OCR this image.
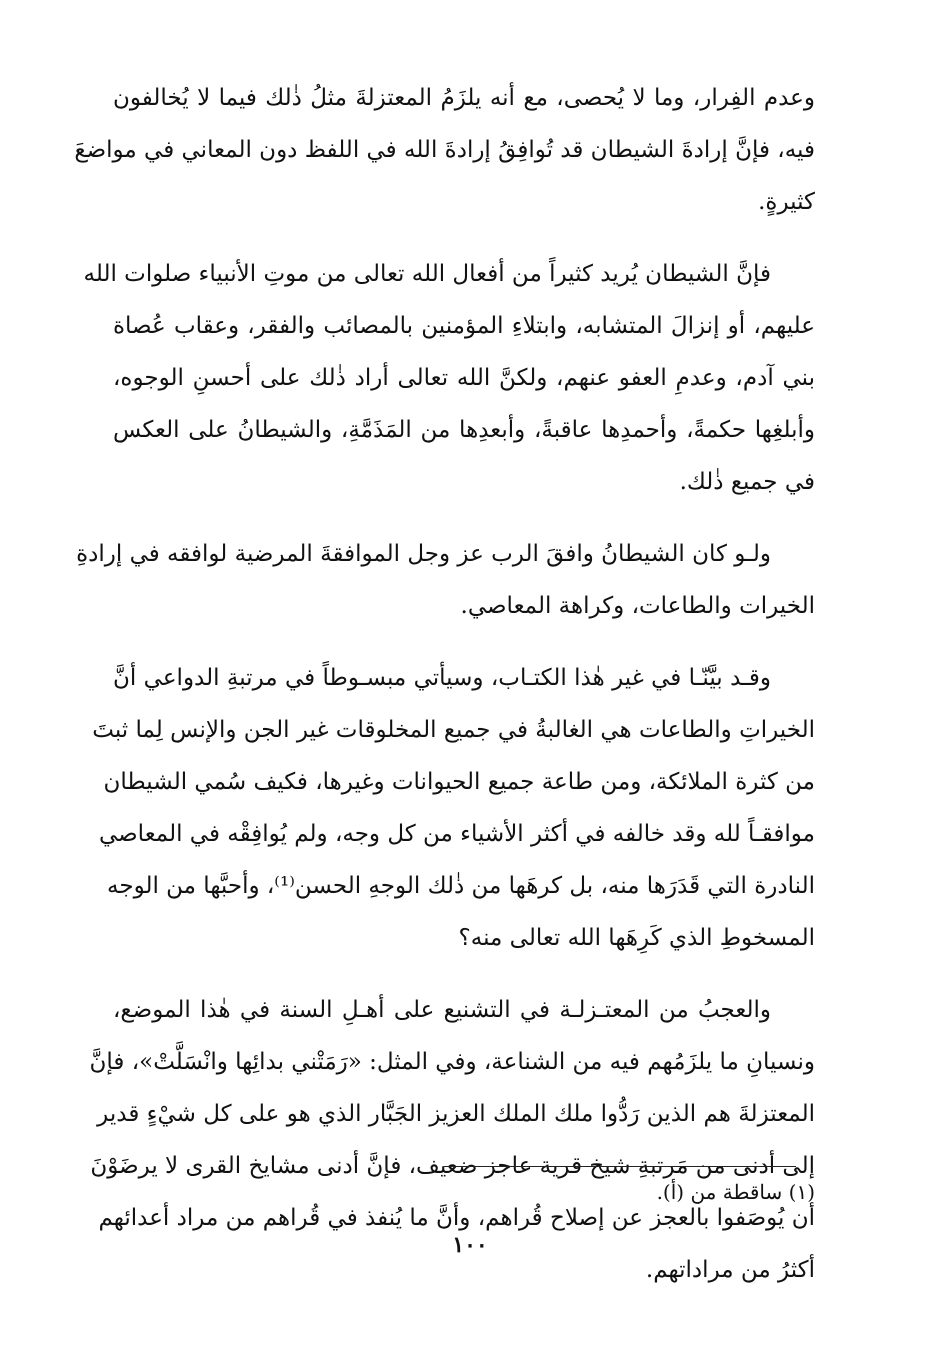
وعدم الفِرار، وما لا يُحصى، مع أنه يلزَمُ المعتزلةَ مثلُ ذٰلك فيما لا يُخالفون
فيه، فإنَّ إرادةَ الشيطان قد تُوافِقُ إرادةَ الله في اللفظ دون المعاني في مواضعَ
كثيرةٍ.
فإنَّ الشيطان يُريد كثيراً من أفعال الله تعالى من موتِ الأنبياء صلوات الله
عليهم، أو إنزالَ المتشابه، وابتلاءِ المؤمنين بالمصائب والفقر، وعقاب عُصاة
بني آدم، وعدمِ العفو عنهم، ولكنَّ الله تعالى أراد ذٰلك على أحسنِ الوجوه،
وأبلغِها حكمةً، وأحمدِها عاقبةً، وأبعدِها من المَذَمَّةِ، والشيطانُ على العكس
في جميع ذٰلك.
ولـو كان الشيطانُ وافقَ الرب عز وجل الموافقةَ المرضية لوافقه في إرادةِ
الخيرات والطاعات، وكراهة المعاصي.
وقـد بيَّنّـا في غير هٰذا الكتـاب، وسيأتي مبسـوطاً في مرتبةِ الدواعي أنَّ
الخيراتِ والطاعات هي الغالبةُ في جميع المخلوقات غير الجن والإنس لِما ثبتَ
من كثرة الملائكة، ومن طاعة جميع الحيوانات وغيرها، فكيف سُمي الشيطان
موافقـاً لله وقد خالفه في أكثر الأشياء من كل وجه، ولم يُوافِقْه في المعاصي
النادرة التي قَدَرَها منه، بل كرهَها من ذٰلك الوجهِ الحسن⁽¹⁾، وأحبَّها من الوجه
المسخوطِ الذي كَرِهَها الله تعالى منه؟
والعجبُ من المعتـزلـة في التشنيع على أهـلِ السنة في هٰذا الموضع،
ونسيانِ ما يلزَمُهم فيه من الشناعة، وفي المثل: «رَمَتْني بدائِها وانْسَلَّتْ»، فإنَّ
المعتزلةَ هم الذين رَدُّوا ملك الملك العزيز الجَبَّار الذي هو على كل شيْءٍ قدير
إلى أدنى من مَرتبةِ شيخ قرية عاجز ضعيف، فإنَّ أدنى مشايخ القرى لا يرضَوْنَ
أن يُوصَفوا بالعجز عن إصلاح قُراهم، وأنَّ ما يُنفذ في قُراهم من مراد أعدائهم
أكثرُ من مراداتهم.
(١) ساقطة من (أ).
١٠٠
